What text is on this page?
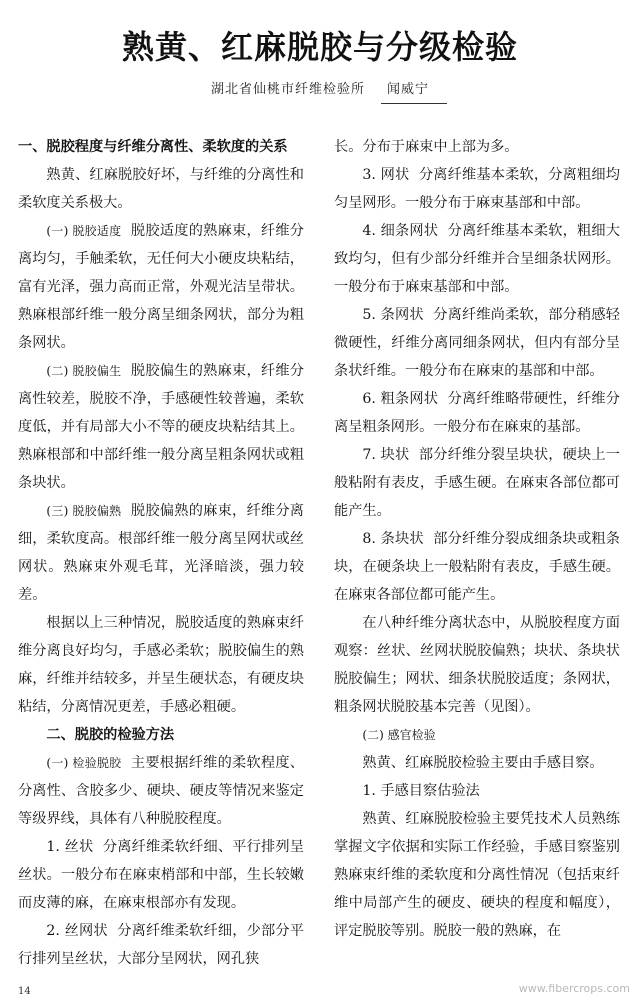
熟黄、红麻脱胶与分级检验
湖北省仙桃市纤维检验所 闻威宁

一、脱胶程度与纤维分离性、柔软度的关系

熟黄、红麻脱胶好坏，与纤维的分离性和柔软度关系极大。

(一) 脱胶适度 脱胶适度的熟麻束，纤维分离均匀，手触柔软，无任何大小硬皮块粘结，富有光泽，强力高而正常，外观光洁呈带状。熟麻根部纤维一般分离呈细条网状，部分为粗条网状。

(二) 脱胶偏生 脱胶偏生的熟麻束，纤维分离性较差，脱胶不净，手感硬性较普遍，柔软度低，并有局部大小不等的硬皮块粘结其上。熟麻根部和中部纤维一般分离呈粗条网状或粗条块状。

(三) 脱胶偏熟 脱胶偏熟的麻束，纤维分离细，柔软度高。根部纤维一般分离呈网状或丝网状。熟麻束外观毛茸，光泽暗淡，强力较差。

根据以上三种情况，脱胶适度的熟麻束纤维分离良好均匀，手感必柔软；脱胶偏生的熟麻，纤维并结较多，并呈生硬状态，有硬皮块粘结，分离情况更差，手感必粗硬。

二、脱胶的检验方法

(一) 检验脱胶 主要根据纤维的柔软程度、分离性、含胶多少、硬块、硬皮等情况来鉴定等级界线，具体有八种脱胶程度。

1. 丝状 分离纤维柔软纤细、平行排列呈丝状。一般分布在麻束梢部和中部，生长较嫩而皮薄的麻，在麻束根部亦有发现。

2. 丝网状 分离纤维柔软纤细，少部分平行排列呈丝状，大部分呈网状，网孔狭

长。分布于麻束中上部为多。

3. 网状 分离纤维基本柔软，分离粗细均匀呈网形。一般分布于麻束基部和中部。

4. 细条网状 分离纤维基本柔软，粗细大致均匀，但有少部分纤维并合呈细条状网形。一般分布于麻束基部和中部。

5. 条网状 分离纤维尚柔软，部分稍感轻微硬性，纤维分离同细条网状，但内有部分呈条状纤维。一般分布在麻束的基部和中部。

6. 粗条网状 分离纤维略带硬性，纤维分离呈粗条网形。一般分布在麻束的基部。

7. 块状 部分纤维分裂呈块状，硬块上一般粘附有表皮，手感生硬。在麻束各部位都可能产生。

8. 条块状 部分纤维分裂成细条块或粗条块，在硬条块上一般粘附有表皮，手感生硬。在麻束各部位都可能产生。

在八种纤维分离状态中，从脱胶程度方面观察：丝状、丝网状脱胶偏熟；块状、条块状脱胶偏生；网状、细条状脱胶适度；条网状，粗条网状脱胶基本完善（见图）。

(二) 感官检验

熟黄、红麻脱胶检验主要由手感目察。

1. 手感目察估验法

熟黄、红麻脱胶检验主要凭技术人员熟练掌握文字依据和实际工作经验，手感目察鉴别熟麻束纤维的柔软度和分离性情况（包括束纤维中局部产生的硬皮、硬块的程度和幅度），评定脱胶等别。脱胶一般的熟麻，在

14	www.fibercrops.com
